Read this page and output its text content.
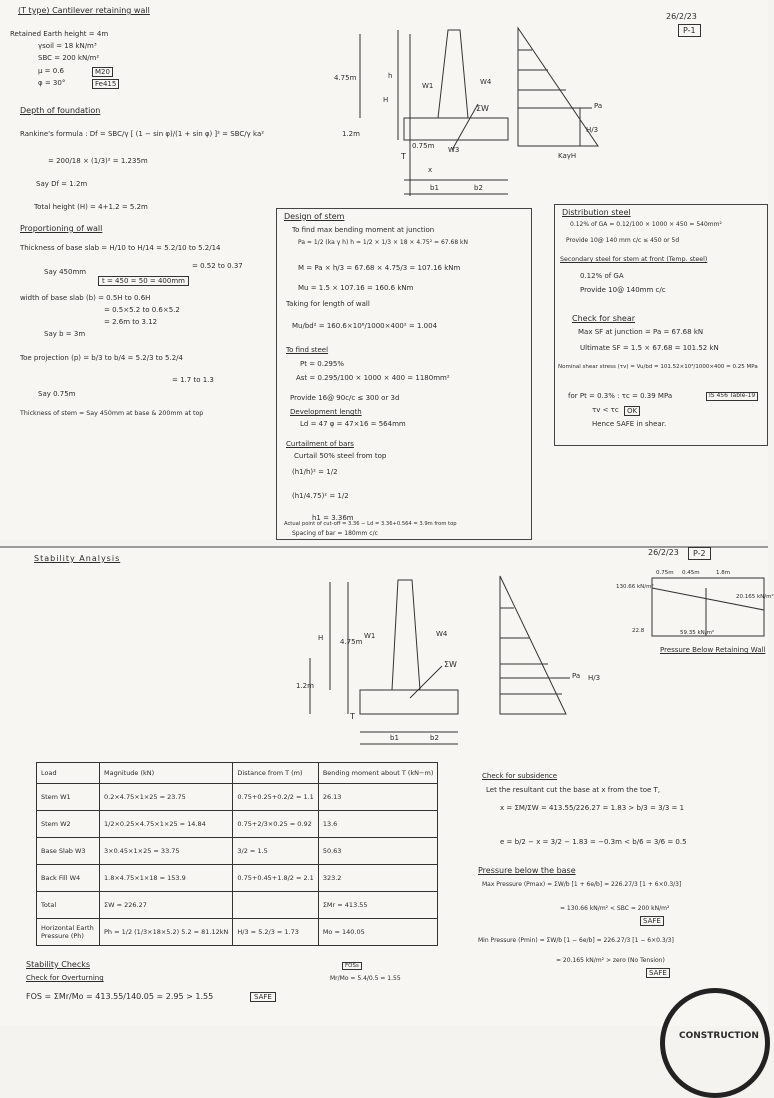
(T type) Cantilever retaining wall
26/2/23
P-1
Retained Earth height = 4m
γsoil = 18 kN/m³
SBC = 200 kN/m²
μ = 0.6
φ = 30°
M20
Fe415
Depth of foundation
Rankine's formula : Df = SBC/γ [ (1 − sin φ)/(1 + sin φ) ]² = SBC/γ ka²
= 200/18 × (1/3)² = 1.235m
Say Df = 1.2m
Total height (H) = 4+1.2 = 5.2m
Proportioning of wall
Thickness of base slab = H/10 to H/14 = 5.2/10 to 5.2/14
= 0.52 to 0.37
Say 450mm
t = 450 = 50 = 400mm
width of base slab (b) = 0.5H to 0.6H
= 0.5×5.2 to 0.6×5.2
= 2.6m to 3.12
Say b = 3m
Toe projection (p) = b/3 to b/4 = 5.2/3 to 5.2/4
= 1.7 to 1.3
Say 0.75m
Thickness of stem = Say 450mm at base & 200mm at top
4.75m	h
H
W1	W4
ΣW
1.2m
0.75m W3
T
x
b1	b2
Pa
H/3
KaγH
Design of stem
To find max bending moment at junction
Pa = 1/2 (ka γ h) h = 1/2 × 1/3 × 18 × 4.75² = 67.68 kN
M = Pa × h/3 = 67.68 × 4.75/3 = 107.16 kNm
Mu = 1.5 × 107.16 = 160.6 kNm
Taking for length of wall
Mu/bd² = 160.6×10⁶/1000×400² = 1.004
To find steel
Pt = 0.295%
Ast = 0.295/100 × 1000 × 400 = 1180mm²
Provide 16@ 90c/c ≤ 300 or 3d
Development length
Ld = 47 φ = 47×16 = 564mm
Curtailment of bars
Curtail 50% steel from top
(h1/h)² = 1/2
(h1/4.75)² = 1/2
h1 = 3.36m
Actual point of cut-off = 3.36 − Ld = 3.36+0.564 = 3.9m from top
Spacing of bar = 180mm c/c
Distribution steel
0.12% of GA = 0.12/100 × 1000 × 450 = 540mm²
Provide 10@ 140 mm c/c ≤ 450 or 5d
Secondary steel for stem at front (Temp. steel)
0.12% of GA
Provide 10@ 140mm c/c
Check for shear
Max SF at junction = Pa = 67.68 kN
Ultimate SF = 1.5 × 67.68 = 101.52 kN
Nominal shear stress (τv) = Vu/bd = 101.52×10³/1000×400 = 0.25 MPa
for Pt = 0.3% : τc = 0.39 MPa	IS 456 Table-19
τv < τc	OK
Hence SAFE in shear.
Stability Analysis
26/2/23	P-2
H 4.75m
W1	W4
ΣW
1.2m
T
b1	b2
Pa H/3
130.66 kN/m²
20.165 kN/m²
59.35 kN/m²
22.8
0.75m 0.45m	1.8m
Pressure Below Retaining Wall
Load	Magnitude (kN)	Distance from T (m)	Bending moment about T (kN−m)
Stem W1	0.2×4.75×1×25 = 23.75	0.75+0.25+0.2/2 = 1.1	26.13
Stem W2	1/2×0.25×4.75×1×25 = 14.84	0.75+2/3×0.25 = 0.92	13.6
Base Slab W3	3×0.45×1×25 = 33.75	3/2 = 1.5	50.63
Back Fill W4	1.8×4.75×1×18 = 153.9	0.75+0.45+1.8/2 = 2.1	323.2
Total	ΣW = 226.27		ΣMr = 413.55
Horizontal Earth Pressure (Ph)	Ph = 1/2 (1/3×18×5.2) 5.2 = 81.12kN	H/3 = 5.2/3 = 1.73	Mo = 140.05
Check for subsidence
Let the resultant cut the base at x from the toe T,
x = ΣM/ΣW = 413.55/226.27 = 1.83 > b/3 = 3/3 = 1
e = b/2 − x = 3/2 − 1.83 = −0.3m < b/6 = 3/6 = 0.5
Pressure below the base
Max Pressure (Pmax) = ΣW/b [1 + 6e/b] = 226.27/3 [1 + 6×0.3/3]
= 130.66 kN/m² < SBC = 200 kN/m²
SAFE
Min Pressure (Pmin) = ΣW/b [1 − 6e/b] = 226.27/3 [1 − 6×0.3/3]
= 20.165 kN/m² > zero (No Tension)
SAFE
Stability Checks
Check for Overturning
FOS = ΣMr/Mo = 413.55/140.05 = 2.95 > 1.55	SAFE
FOSs
Mr/Mo = 5.4/0.5 = 1.55
CONSTRUCTION
